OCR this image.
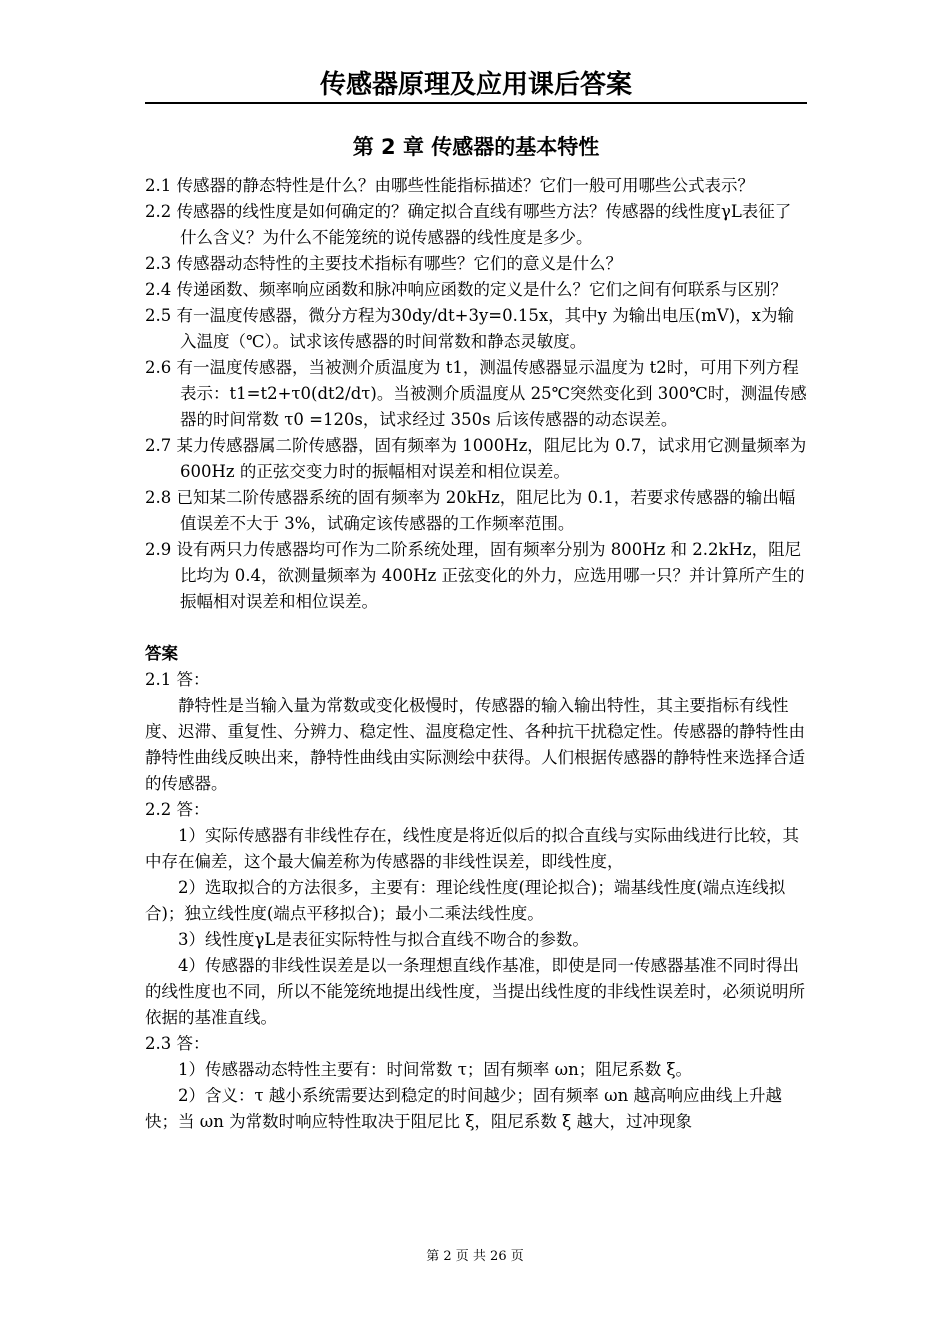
传感器原理及应用课后答案
第 2 章 传感器的基本特性

2.1 传感器的静态特性是什么？由哪些性能指标描述？它们一般可用哪些公式表示？

2.2 传感器的线性度是如何确定的？确定拟合直线有哪些方法？传感器的线性度γL表征了什么含义？为什么不能笼统的说传感器的线性度是多少。

2.3 传感器动态特性的主要技术指标有哪些？它们的意义是什么？

2.4 传递函数、频率响应函数和脉冲响应函数的定义是什么？它们之间有何联系与区别？

2.5 有一温度传感器，微分方程为30dy/dt+3y=0.15x，其中y 为输出电压(mV)，x为输入温度（℃）。试求该传感器的时间常数和静态灵敏度。

2.6 有一温度传感器，当被测介质温度为 t1，测温传感器显示温度为 t2时，可用下列方程表示：t1=t2+τ0(dt2/dτ)。当被测介质温度从 25℃突然变化到 300℃时，测温传感器的时间常数 τ0 =120s，试求经过 350s 后该传感器的动态误差。

2.7 某力传感器属二阶传感器，固有频率为 1000Hz，阻尼比为 0.7，试求用它测量频率为 600Hz 的正弦交变力时的振幅相对误差和相位误差。

2.8 已知某二阶传感器系统的固有频率为 20kHz，阻尼比为 0.1，若要求传感器的输出幅值误差不大于 3%，试确定该传感器的工作频率范围。

2.9 设有两只力传感器均可作为二阶系统处理，固有频率分别为 800Hz 和 2.2kHz，阻尼比均为 0.4，欲测量频率为 400Hz 正弦变化的外力，应选用哪一只？并计算所产生的振幅相对误差和相位误差。

答案

2.1 答：

静特性是当输入量为常数或变化极慢时，传感器的输入输出特性，其主要指标有线性度、迟滞、重复性、分辨力、稳定性、温度稳定性、各种抗干扰稳定性。传感器的静特性由静特性曲线反映出来，静特性曲线由实际测绘中获得。人们根据传感器的静特性来选择合适的传感器。

2.2 答：

1）实际传感器有非线性存在，线性度是将近似后的拟合直线与实际曲线进行比较，其中存在偏差，这个最大偏差称为传感器的非线性误差，即线性度，

2）选取拟合的方法很多，主要有：理论线性度(理论拟合)；端基线性度(端点连线拟合)；独立线性度(端点平移拟合)；最小二乘法线性度。

3）线性度γL是表征实际特性与拟合直线不吻合的参数。

4）传感器的非线性误差是以一条理想直线作基准，即使是同一传感器基准不同时得出的线性度也不同，所以不能笼统地提出线性度，当提出线性度的非线性误差时，必须说明所依据的基准直线。

2.3 答：

1）传感器动态特性主要有：时间常数 τ；固有频率 ωn；阻尼系数 ξ。

2）含义：τ 越小系统需要达到稳定的时间越少；固有频率 ωn 越高响应曲线上升越快；当 ωn 为常数时响应特性取决于阻尼比 ξ，阻尼系数 ξ 越大，过冲现象

第 2 页 共 26 页
